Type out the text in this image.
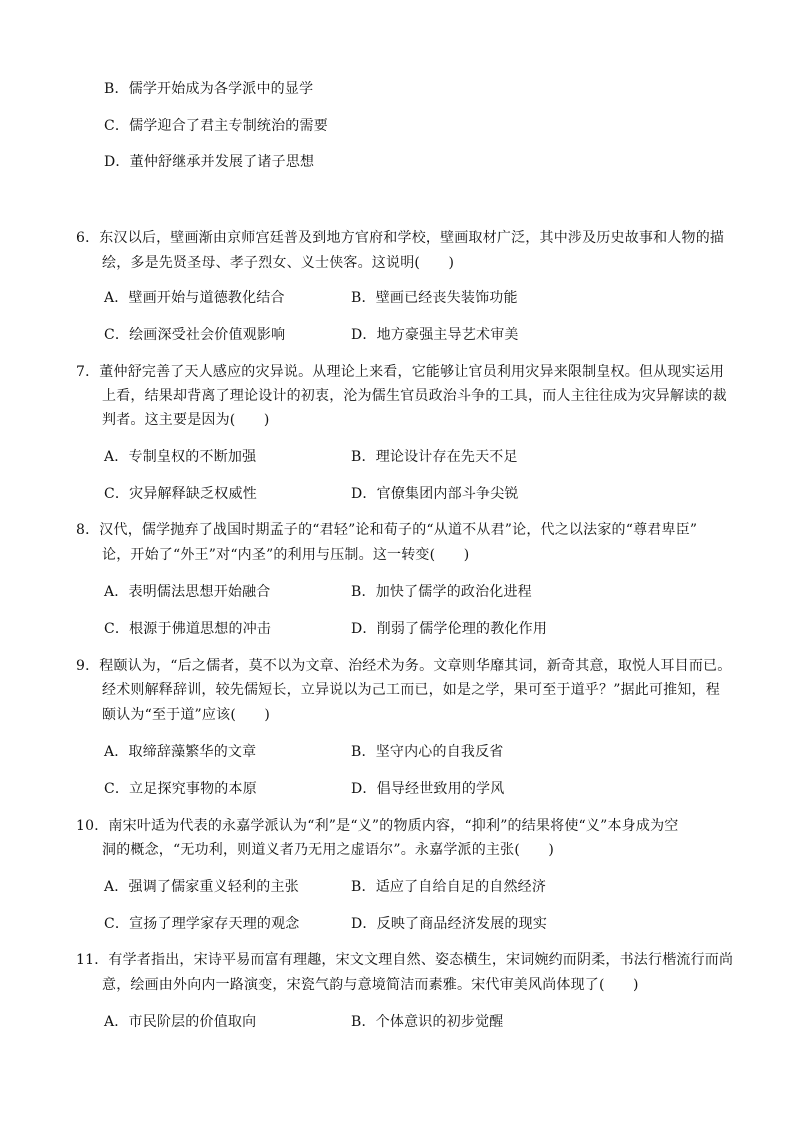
B．儒学开始成为各学派中的显学
C．儒学迎合了君主专制统治的需要
D．董仲舒继承并发展了诸子思想
6．东汉以后，壁画渐由京师宫廷普及到地方官府和学校，壁画取材广泛，其中涉及历史故事和人物的描
绘，多是先贤圣母、孝子烈女、义士侠客。这说明(　　)
A．壁画开始与道德教化结合	B．壁画已经丧失装饰功能
C．绘画深受社会价值观影响	D．地方豪强主导艺术审美
7．董仲舒完善了天人感应的灾异说。从理论上来看，它能够让官员利用灾异来限制皇权。但从现实运用
上看，结果却背离了理论设计的初衷，沦为儒生官员政治斗争的工具，而人主往往成为灾异解读的裁
判者。这主要是因为(　　)
A．专制皇权的不断加强	B．理论设计存在先天不足
C．灾异解释缺乏权威性	D．官僚集团内部斗争尖锐
8．汉代，儒学抛弃了战国时期孟子的“君轻”论和荀子的“从道不从君”论，代之以法家的“尊君卑臣”
论，开始了“外王”对“内圣”的利用与压制。这一转变(　　)
A．表明儒法思想开始融合	B．加快了儒学的政治化进程
C．根源于佛道思想的冲击	D．削弱了儒学伦理的教化作用
9．程颐认为，“后之儒者，莫不以为文章、治经术为务。文章则华靡其词，新奇其意，取悦人耳目而已。
经术则解释辞训，较先儒短长，立异说以为己工而已，如是之学，果可至于道乎？”据此可推知，程
颐认为“至于道”应该(　　)
A．取缔辞藻繁华的文章	B．坚守内心的自我反省
C．立足探究事物的本原	D．倡导经世致用的学风
10．南宋叶适为代表的永嘉学派认为“利”是“义”的物质内容，“抑利”的结果将使“义”本身成为空
洞的概念，“无功利，则道义者乃无用之虚语尔”。永嘉学派的主张(　　)
A．强调了儒家重义轻利的主张	B．适应了自给自足的自然经济
C．宣扬了理学家存天理的观念	D．反映了商品经济发展的现实
11．有学者指出，宋诗平易而富有理趣，宋文文理自然、姿态横生，宋词婉约而阴柔，书法行楷流行而尚
意，绘画由外向内一路演变，宋瓷气韵与意境简洁而素雅。宋代审美风尚体现了(　　)
A．市民阶层的价值取向	B．个体意识的初步觉醒
